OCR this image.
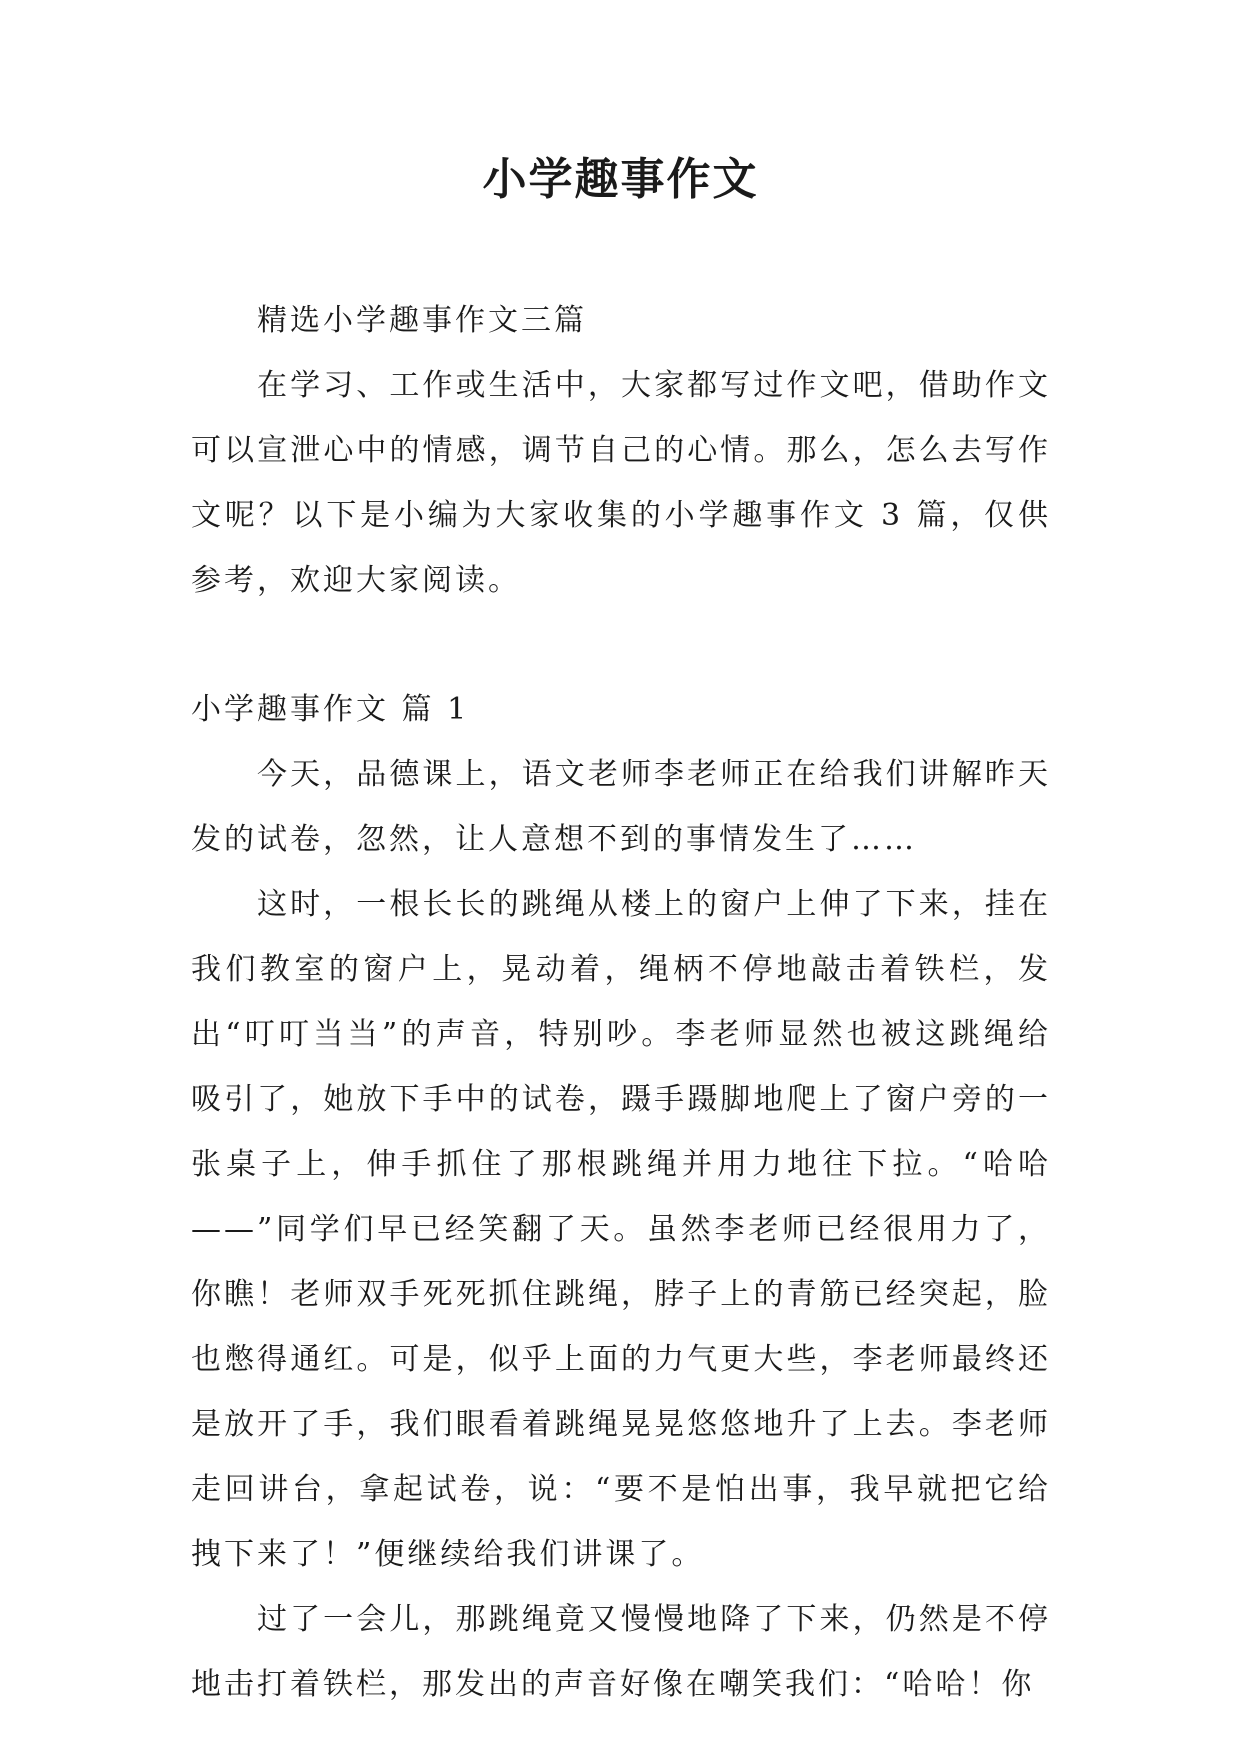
小学趣事作文

精选小学趣事作文三篇

在学习、工作或生活中，大家都写过作文吧，借助作文可以宣泄心中的情感，调节自己的心情。那么，怎么去写作文呢？以下是小编为大家收集的小学趣事作文 3 篇，仅供参考，欢迎大家阅读。

小学趣事作文 篇 1

今天，品德课上，语文老师李老师正在给我们讲解昨天发的试卷，忽然，让人意想不到的事情发生了……

这时，一根长长的跳绳从楼上的窗户上伸了下来，挂在我们教室的窗户上，晃动着，绳柄不停地敲击着铁栏，发出“叮叮当当”的声音，特别吵。李老师显然也被这跳绳给吸引了，她放下手中的试卷，蹑手蹑脚地爬上了窗户旁的一张桌子上，伸手抓住了那根跳绳并用力地往下拉。“哈哈——”同学们早已经笑翻了天。虽然李老师已经很用力了，你瞧！老师双手死死抓住跳绳，脖子上的青筋已经突起，脸也憋得通红。可是，似乎上面的力气更大些，李老师最终还是放开了手，我们眼看着跳绳晃晃悠悠地升了上去。李老师走回讲台，拿起试卷，说：“要不是怕出事，我早就把它给拽下来了！”便继续给我们讲课了。

过了一会儿，那跳绳竟又慢慢地降了下来，仍然是不停地击打着铁栏，那发出的声音好像在嘲笑我们：“哈哈！你
